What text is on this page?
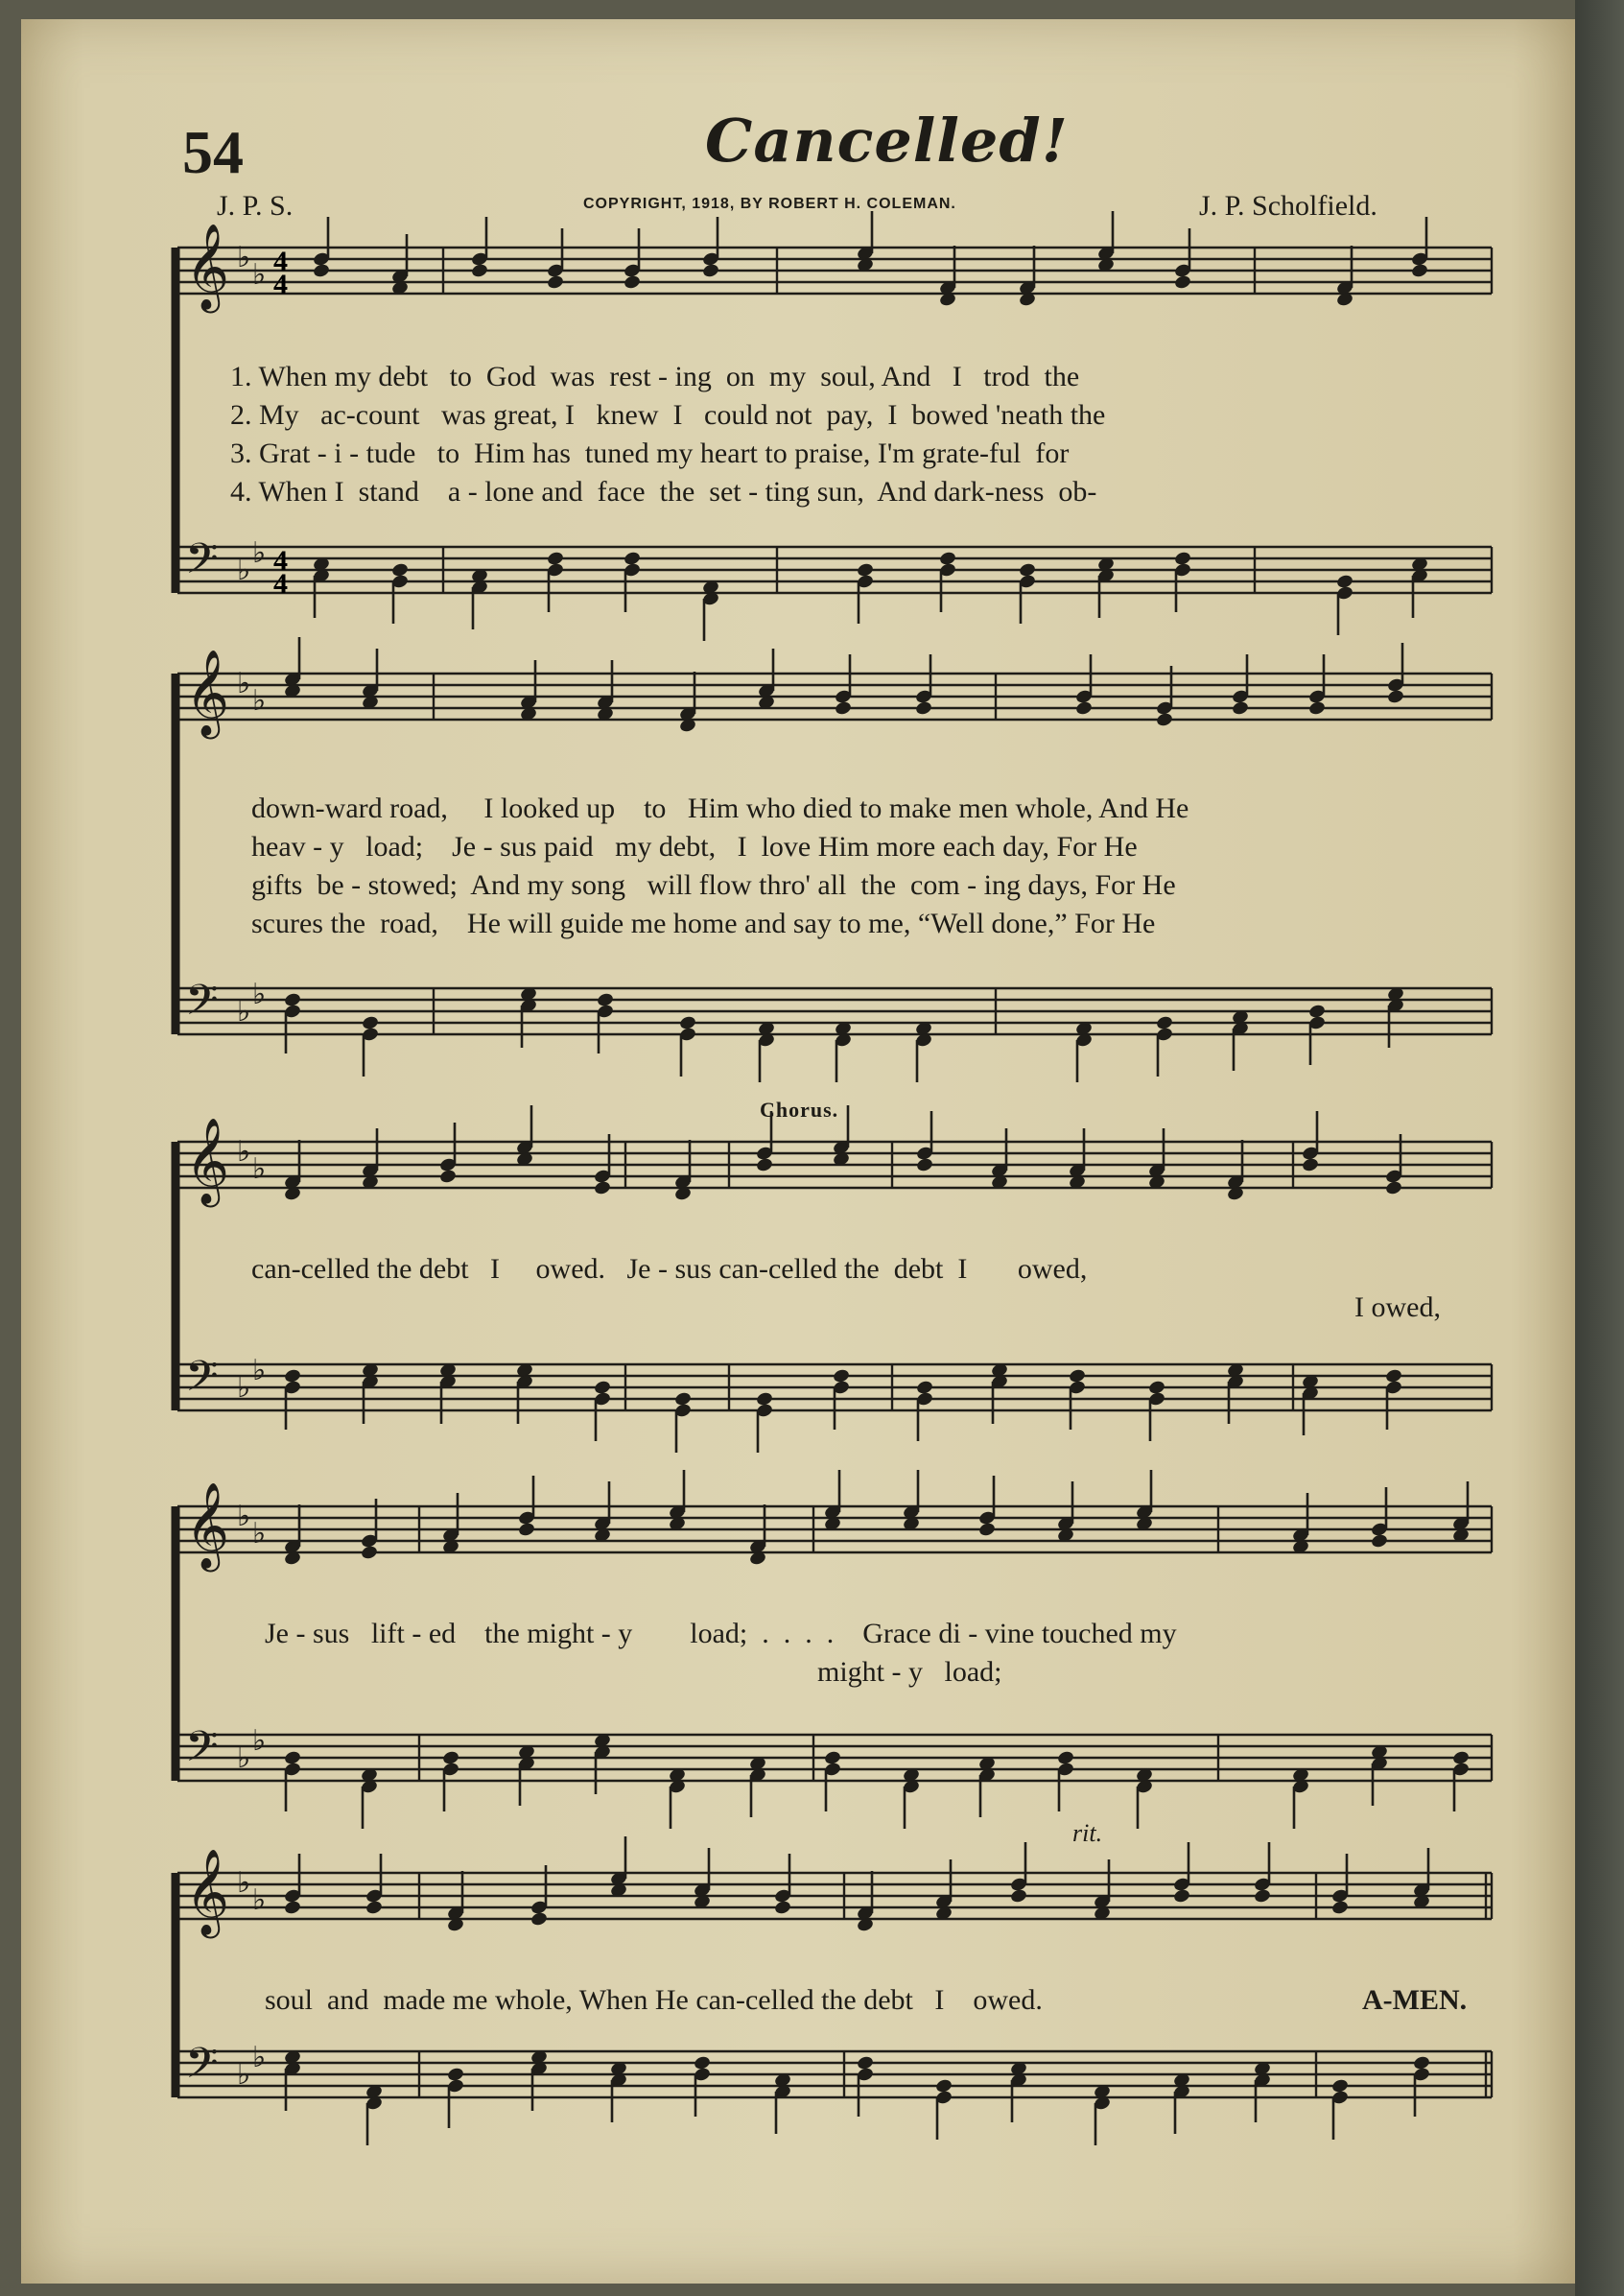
54	Cancelled!
J. P. S.	COPYRIGHT, 1918, BY ROBERT H. COLEMAN.	J. P. Scholfield.
𝄞 ♭
♭ 4
4
𝄢 ♭
♭ 4
4
𝄞 ♭
♭
𝄢 ♭
♭
𝄞 ♭
♭
𝄢 ♭
♭
𝄞 ♭
♭
𝄢 ♭
♭
𝄞 ♭
♭
𝄢 ♭
♭
1. When my debt   to  God  was  rest - ing  on  my  soul, And   I   trod  the
2. My   ac-count   was great, I   knew  I   could not  pay,  I  bowed 'neath the
3. Grat - i - tude   to  Him has  tuned my heart to praise, I'm grate-ful  for
4. When I  stand    a - lone and  face  the  set - ting sun,  And dark-ness  ob-
down-ward road,     I looked up    to   Him who died to make men whole, And He
heav - y   load;    Je - sus paid   my debt,   I  love Him more each day, For He
gifts  be - stowed;  And my song   will flow thro' all  the  com - ing days, For He
scures the  road,    He will guide me home and say to me, “Well done,” For He
Chorus.
can-celled the debt   I     owed.   Je - sus can-celled the  debt  I       owed,
I owed,
Je - sus   lift - ed    the might - y        load;  .  .  .  .    Grace di - vine touched my
might - y   load;
rit.
soul  and  made me whole, When He can-celled the debt   I    owed.	A-MEN.
